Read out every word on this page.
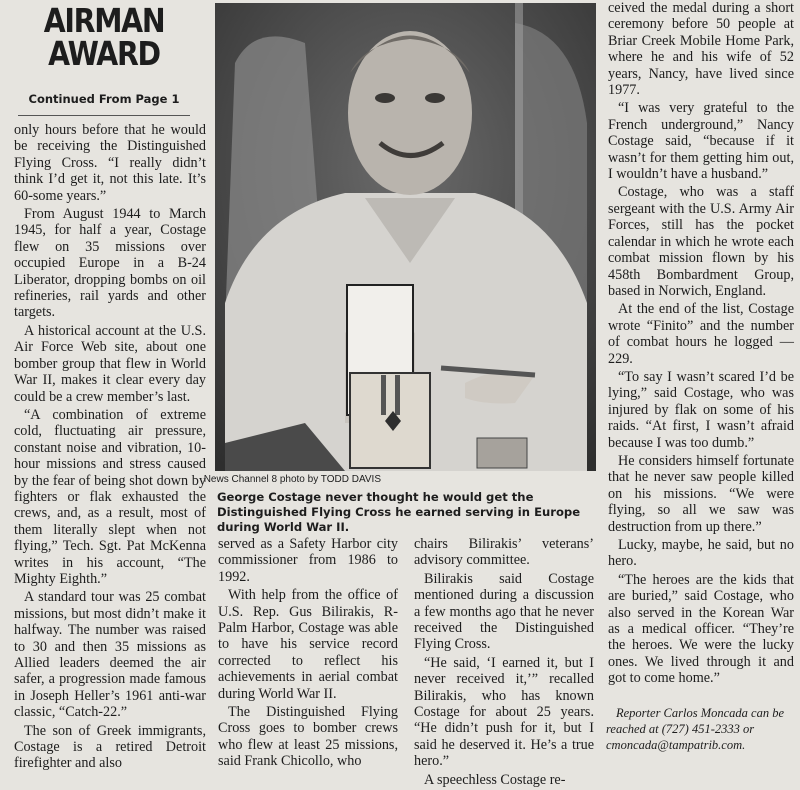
AIRMAN
AWARD
Continued From Page 1

only hours before that he would be receiving the Distinguished Flying Cross. “I really didn’t think I’d get it, not this late. It’s 60-some years.”

From August 1944 to March 1945, for half a year, Costage flew on 35 missions over occupied Europe in a B-24 Liberator, dropping bombs on oil refineries, rail yards and other targets.

A historical account at the U.S. Air Force Web site, about one bomber group that flew in World War II, makes it clear every day could be a crew member’s last.

“A combination of extreme cold, fluctuating air pressure, constant noise and vibration, 10-hour missions and stress caused by the fear of being shot down by fighters or flak exhausted the crews, and, as a result, most of them literally slept when not flying,” Tech. Sgt. Pat McKenna writes in his account, “The Mighty Eighth.”

A standard tour was 25 combat missions, but most didn’t make it halfway. The number was raised to 30 and then 35 missions as Allied leaders deemed the air safer, a progression made famous in Joseph Heller’s 1961 anti-war classic, “Catch-22.”

The son of Greek immigrants, Costage is a retired Detroit firefighter and also

News Channel 8 photo by TODD DAVIS
George Costage never thought he would get the Distinguished Flying Cross he earned serving in Europe during World War II.

served as a Safety Harbor city commissioner from 1986 to 1992.

With help from the office of U.S. Rep. Gus Bilirakis, R-Palm Harbor, Costage was able to have his service record corrected to reflect his achievements in aerial combat during World War II.

The Distinguished Flying Cross goes to bomber crews who flew at least 25 missions, said Frank Chicollo, who

chairs Bilirakis’ veterans’ advisory committee.

Bilirakis said Costage mentioned during a discussion a few months ago that he never received the Distinguished Flying Cross.

“He said, ‘I earned it, but I never received it,’” recalled Bilirakis, who has known Costage for about 25 years. “He didn’t push for it, but I said he deserved it. He’s a true hero.”

A speechless Costage re-

ceived the medal during a short ceremony before 50 people at Briar Creek Mobile Home Park, where he and his wife of 52 years, Nancy, have lived since 1977.

“I was very grateful to the French underground,” Nancy Costage said, “because if it wasn’t for them getting him out, I wouldn’t have a husband.”

Costage, who was a staff sergeant with the U.S. Army Air Forces, still has the pocket calendar in which he wrote each combat mission flown by his 458th Bombardment Group, based in Norwich, England.

At the end of the list, Costage wrote “Finito” and the number of combat hours he logged — 229.

“To say I wasn’t scared I’d be lying,” said Costage, who was injured by flak on some of his raids. “At first, I wasn’t afraid because I was too dumb.”

He considers himself fortunate that he never saw people killed on his missions. “We were flying, so all we saw was destruction from up there.”

Lucky, maybe, he said, but no hero.

“The heroes are the kids that are buried,” said Costage, who also served in the Korean War as a medical officer. “They’re the heroes. We were the lucky ones. We lived through it and got to come home.”

Reporter Carlos Moncada can be reached at (727) 451-2333 or cmoncada@tampatrib.com.
